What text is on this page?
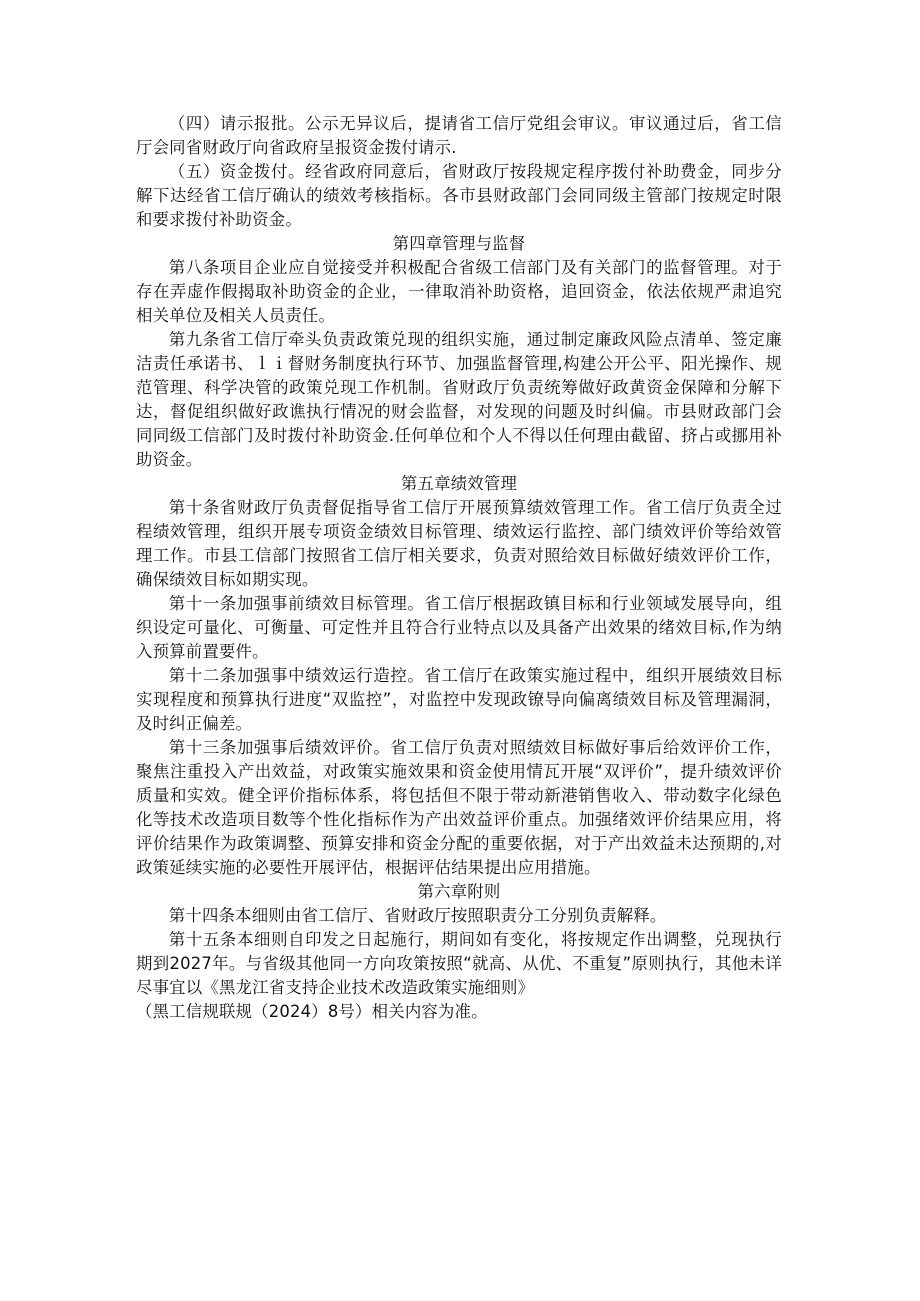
（四）请示报批。公示无异议后，提请省工信厅党组会审议。审议通过后，省工信厅会同省财政厅向省政府呈报资金拨付请示.

（五）资金拨付。经省政府同意后，省财政厅按段规定程序拨付补助费金，同步分解下达经省工信厅确认的绩效考核指标。各市县财政部门会同同级主管部门按规定时限和要求拨付补助资金。

第四章管理与监督

第八条项目企业应自觉接受并积极配合省级工信部门及有关部门的监督管理。对于存在弄虚作假揭取补助资金的企业，一律取消补助资格，追回资金，依法依规严肃追究相关单位及相关人员责任。

第九条省工信厅牵头负责政策兑现的组织实施，通过制定廉政风险点清单、签定廉洁责任承诺书、ｌｉ督财务制度执行环节、加强监督管理,构建公开公平、阳光操作、规范管理、科学决管的政策兑现工作机制。省财政厅负责统筹做好政黄资金保障和分解下达，督促组织做好政谯执行情况的财会监督，对发现的问题及时纠偏。市县财政部门会同同级工信部门及时拨付补助资金.任何单位和个人不得以任何理由截留、挤占或挪用补助资金。

第五章绩效管理

第十条省财政厅负责督促指导省工信厅开展预算绩效管理工作。省工信厅负责全过程绩效管理，组织开展专项资金绩效目标管理、绩效运行监控、部门绩效评价等给效管理工作。市县工信部门按照省工信厅相关要求，负责对照给效目标做好绩效评价工作，确保绩效目标如期实现。

第十一条加强事前绩效目标管理。省工信厅根据政镇目标和行业领域发展导向，组织设定可量化、可衡量、可定性并且符合行业特点以及具备产出效果的绪效目标,作为纳入预算前置要件。

第十二条加强事中绩效运行造控。省工信厅在政策实施过程中，组织开展绩效目标实现程度和预算执行进度“双监控”，对监控中发现政镣导向偏离绩效目标及管理漏洞，及时纠正偏差。

第十三条加强事后绩效评价。省工信厅负责对照绩效目标做好事后给效评价工作，聚焦注重投入产出效益，对政策实施效果和资金使用情瓦开展“双评价”，提升绩效评价质量和实效。健全评价指标体系，将包括但不限于带动新港销售收入、带动数字化绿色化等技术改造项目数等个性化指标作为产出效益评价重点。加强绪效评价结果应用，将评价结果作为政策调整、预算安排和资金分配的重要依据，对于产出效益未达预期的,对政策延续实施的必要性开展评估，根据评估结果提出应用措施。

第六章附则

第十四条本细则由省工信厅、省财政厅按照职责分工分别负责解释。

第十五条本细则自印发之日起施行，期间如有变化，将按规定作出调整，兑现执行期到2027年。与省级其他同一方向攻策按照“就高、从优、不重复”原则执行，其他未详尽事宜以《黑龙江省支持企业技术改造政策实施细则》

（黑工信规联规（2024）8号）相关内容为准。
